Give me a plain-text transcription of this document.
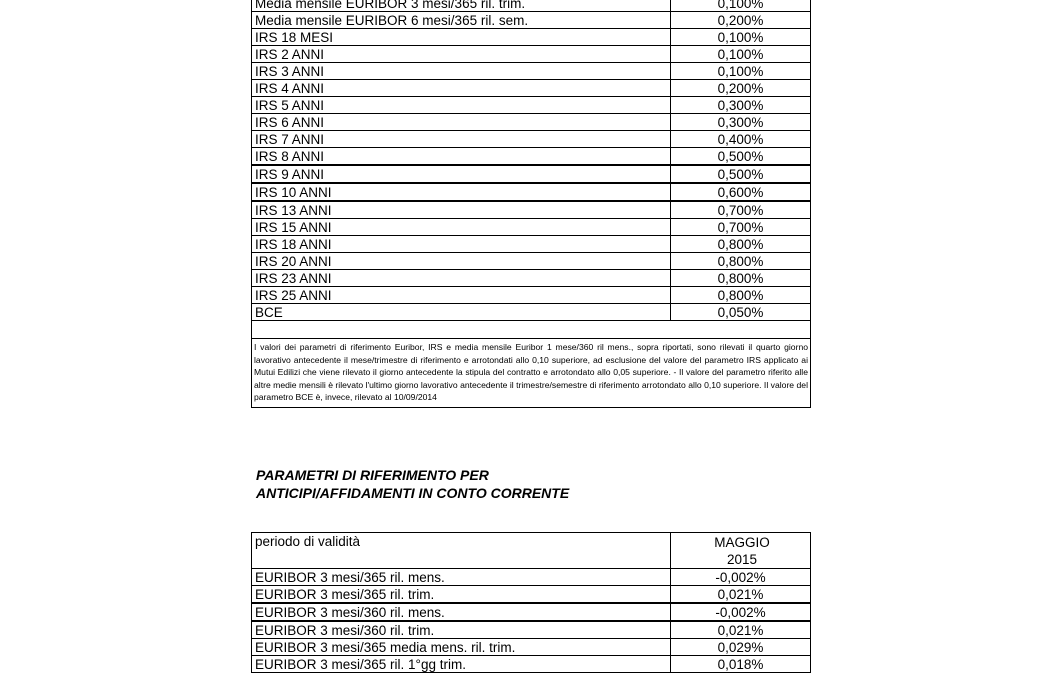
Media mensile EURIBOR 3 mesi/365 ril. trim.	0,100%
Media mensile EURIBOR 6 mesi/365 ril. sem.	0,200%
IRS 18 MESI	0,100%
IRS 2 ANNI	0,100%
IRS 3 ANNI	0,100%
IRS 4 ANNI	0,200%
IRS 5 ANNI	0,300%
IRS 6 ANNI	0,300%
IRS 7 ANNI	0,400%
IRS 8 ANNI	0,500%
IRS 9 ANNI	0,500%
IRS 10 ANNI	0,600%
IRS 13 ANNI	0,700%
IRS 15 ANNI	0,700%
IRS 18 ANNI	0,800%
IRS 20 ANNI	0,800%
IRS 23 ANNI	0,800%
IRS 25 ANNI	0,800%
BCE	0,050%

I valori dei parametri di riferimento Euribor, IRS e media mensile Euribor 1 mese/360 ril mens., sopra riportati, sono rilevati il quarto giorno lavorativo antecedente il mese/trimestre di riferimento e arrotondati allo 0,10 superiore, ad esclusione del valore del parametro IRS applicato ai Mutui Edilizi che viene rilevato il giorno antecedente la stipula del contratto e arrotondato allo 0,05 superiore. - Il valore del parametro riferito alle altre medie mensili è rilevato l'ultimo giorno lavorativo antecedente il trimestre/semestre di riferimento arrotondato allo 0,10 superiore. Il valore del parametro BCE è, invece, rilevato al 10/09/2014	
PARAMETRI DI RIFERIMENTO PER
ANTICIPI/AFFIDAMENTI IN CONTO CORRENTE
periodo di validità	MAGGIO
2015

EURIBOR 3 mesi/365 ril. mens.	-0,002%
EURIBOR 3 mesi/365 ril. trim.	0,021%
EURIBOR 3 mesi/360 ril. mens.	-0,002%
EURIBOR 3 mesi/360 ril. trim.	0,021%
EURIBOR 3 mesi/365 media mens. ril. trim.	0,029%
EURIBOR 3 mesi/365 ril. 1°gg trim.	0,018%
